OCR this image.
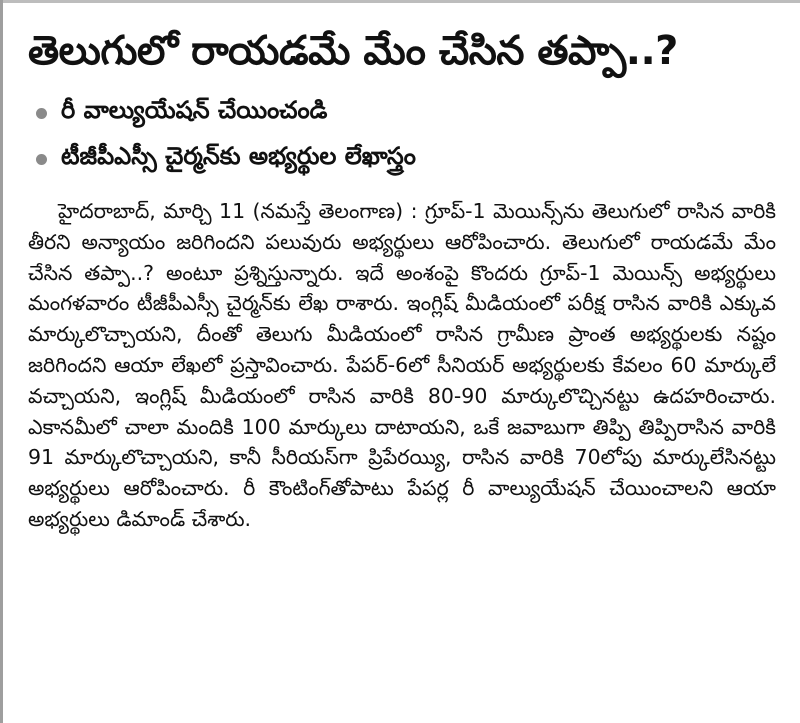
తెలుగులో రాయడమే మేం చేసిన తప్పా..?
రీ వాల్యుయేషన్ చేయించండి
టీజీపీఎస్సీ చైర్మన్‌కు అభ్యర్థుల లేఖాస్త్రం

హైదరాబాద్, మార్చి 11 (నమస్తే తెలంగాణ) : గ్రూప్-1 మెయిన్స్‌ను తెలుగులో రాసిన వారికి తీరని అన్యాయం జరిగిందని పలువురు అభ్యర్థులు ఆరోపించారు. తెలుగులో రాయడమే మేం చేసిన తప్పా..? అంటూ ప్రశ్నిస్తున్నారు. ఇదే అంశంపై కొందరు గ్రూప్-1 మెయిన్స్ అభ్యర్థులు మంగళవారం టీజీపీఎస్సీ చైర్మన్‌కు లేఖ రాశారు. ఇంగ్లిష్ మీడియంలో పరీక్ష రాసిన వారికి ఎక్కువ మార్కులొచ్చాయని, దీంతో తెలుగు మీడియంలో రాసిన గ్రామీణ ప్రాంత అభ్యర్థులకు నష్టం జరిగిందని ఆయా లేఖలో ప్రస్తావించారు. పేపర్-6లో సీనియర్ అభ్యర్థులకు కేవలం 60 మార్కులే వచ్చాయని, ఇంగ్లిష్ మీడియంలో రాసిన వారికి 80-90 మార్కులొచ్చినట్టు ఉదహరించారు. ఎకానమీలో చాలా మందికి 100 మార్కులు దాటాయని, ఒకే జవాబుగా తిప్పి తిప్పిరాసిన వారికి 91 మార్కులొచ్చాయని, కానీ సీరియస్‌గా ప్రిపేరయ్యి, రాసిన వారికి 70లోపు మార్కులేసినట్టు అభ్యర్థులు ఆరోపించారు. రీ కౌంటింగ్‌తోపాటు పేపర్ల రీ వాల్యుయేషన్ చేయించాలని ఆయా అభ్యర్థులు డిమాండ్ చేశారు.
